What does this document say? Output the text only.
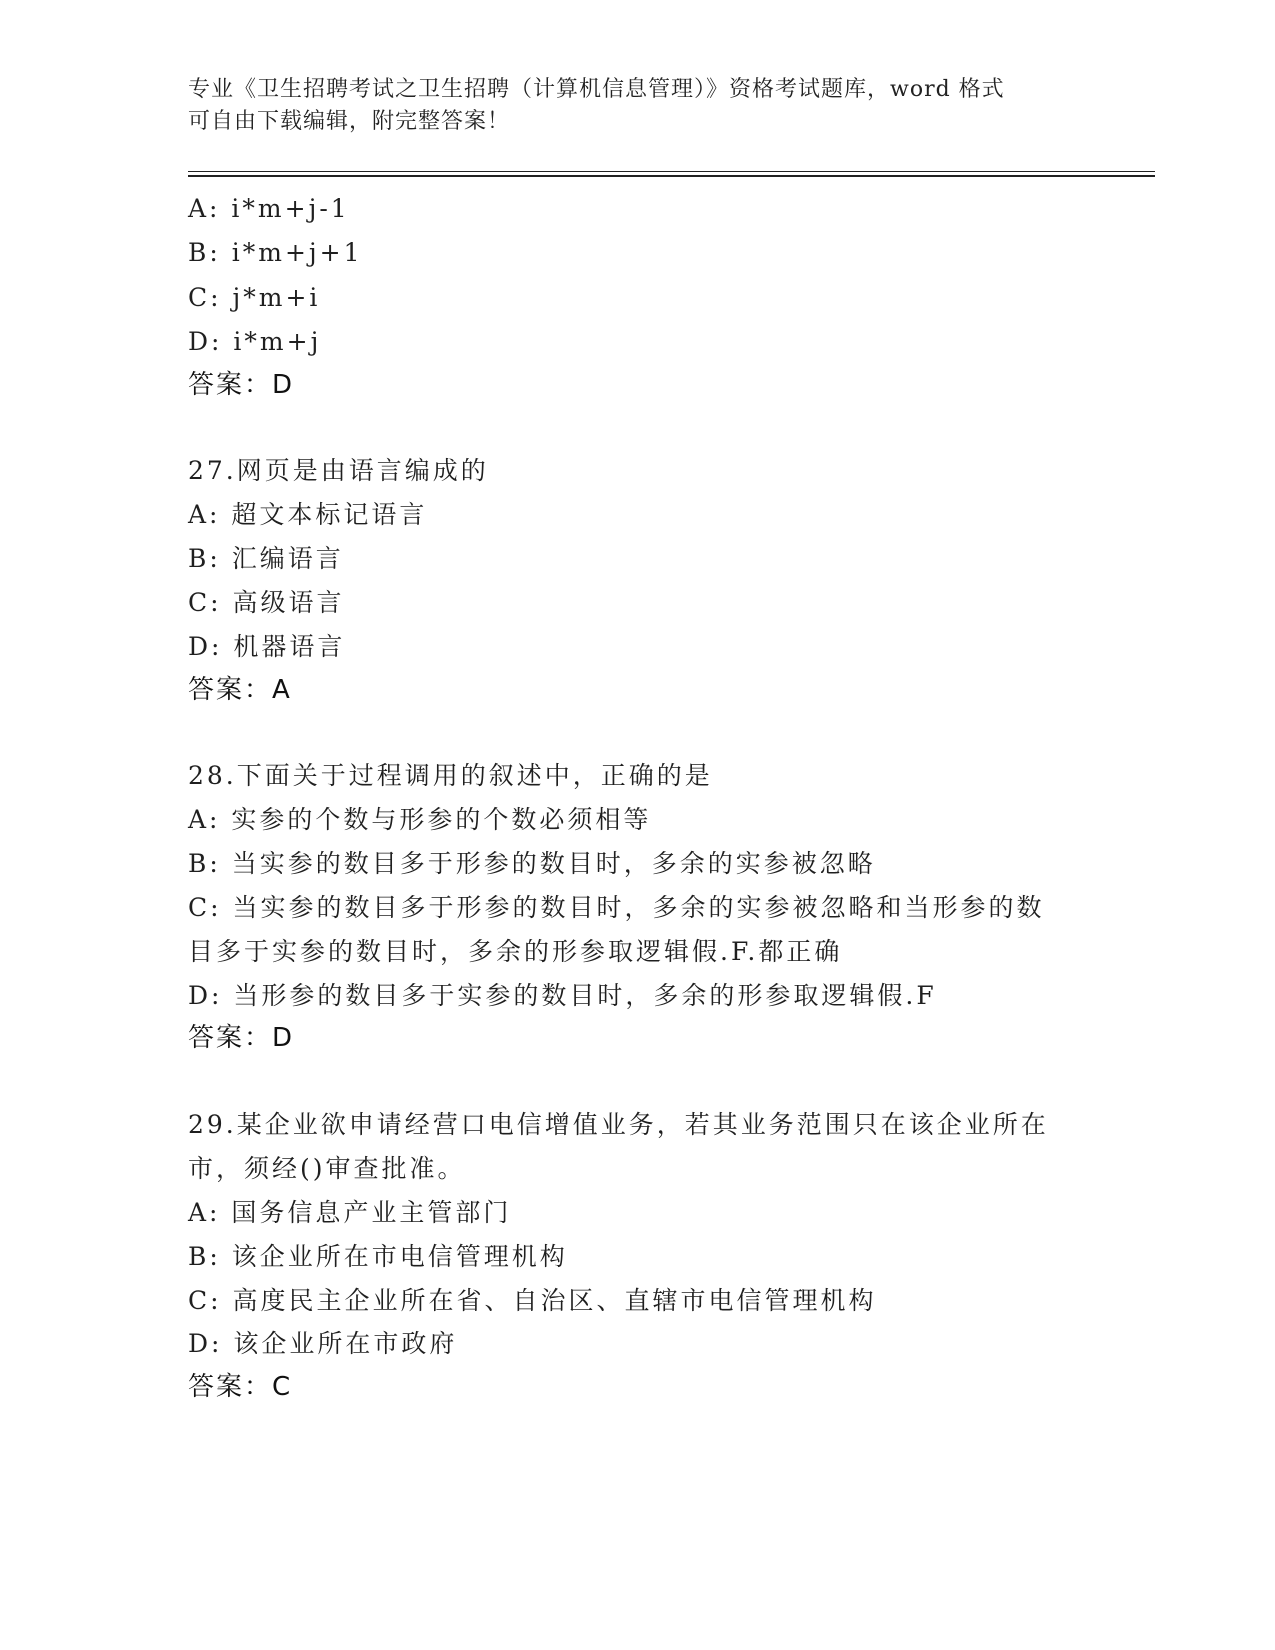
专业《卫生招聘考试之卫生招聘（计算机信息管理）》资格考试题库，word 格式
可自由下载编辑，附完整答案！
A: i*m+j-1
B: i*m+j+1
C: j*m+i
D: i*m+j
答案：D
27.网页是由语言编成的
A: 超文本标记语言
B: 汇编语言
C: 高级语言
D: 机器语言
答案：A
28.下面关于过程调用的叙述中，正确的是
A: 实参的个数与形参的个数必须相等
B: 当实参的数目多于形参的数目时，多余的实参被忽略
C: 当实参的数目多于形参的数目时，多余的实参被忽略和当形参的数
目多于实参的数目时，多余的形参取逻辑假.F.都正确
D: 当形参的数目多于实参的数目时，多余的形参取逻辑假.F
答案：D
29.某企业欲申请经营口电信增值业务，若其业务范围只在该企业所在
市，须经()审查批准。
A: 国务信息产业主管部门
B: 该企业所在市电信管理机构
C: 高度民主企业所在省、自治区、直辖市电信管理机构
D: 该企业所在市政府
答案：C
